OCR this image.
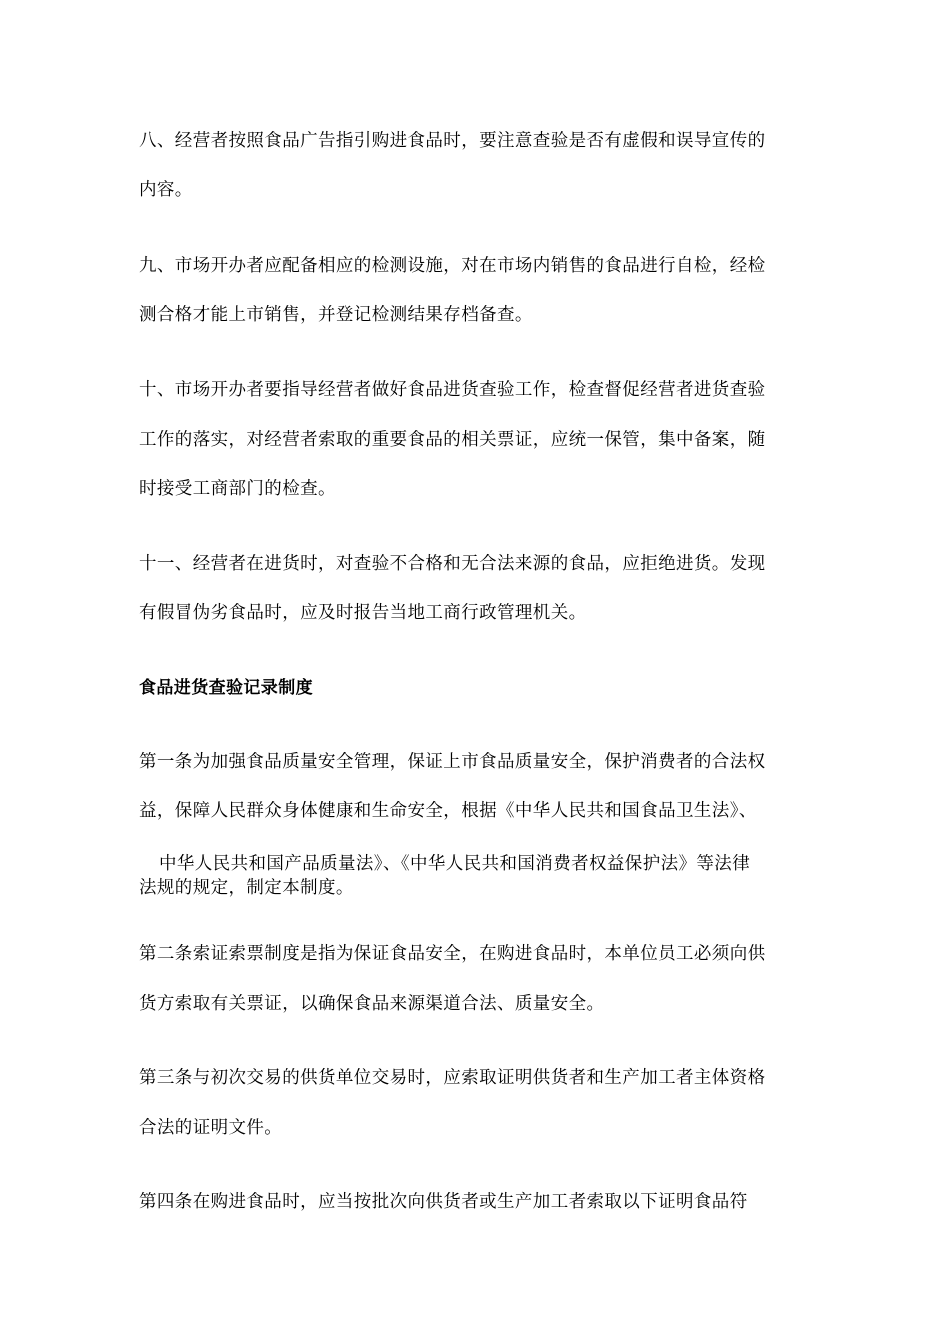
八、经营者按照食品广告指引购进食品时，要注意查验是否有虚假和误导宣传的
内容。
九、市场开办者应配备相应的检测设施，对在市场内销售的食品进行自检，经检
测合格才能上市销售，并登记检测结果存档备查。
十、市场开办者要指导经营者做好食品进货查验工作，检查督促经营者进货查验
工作的落实，对经营者索取的重要食品的相关票证，应统一保管，集中备案，随
时接受工商部门的检查。
十一、经营者在进货时，对查验不合格和无合法来源的食品，应拒绝进货。发现
有假冒伪劣食品时，应及时报告当地工商行政管理机关。
食品进货查验记录制度
第一条为加强食品质量安全管理，保证上市食品质量安全，保护消费者的合法权
益，保障人民群众身体健康和生命安全，根据《中华人民共和国食品卫生法》、
中华人民共和国产品质量法》、《中华人民共和国消费者权益保护法》等法律
法规的规定，制定本制度。
第二条索证索票制度是指为保证食品安全，在购进食品时，本单位员工必须向供
货方索取有关票证，以确保食品来源渠道合法、质量安全。
第三条与初次交易的供货单位交易时，应索取证明供货者和生产加工者主体资格
合法的证明文件。
第四条在购进食品时，应当按批次向供货者或生产加工者索取以下证明食品符
